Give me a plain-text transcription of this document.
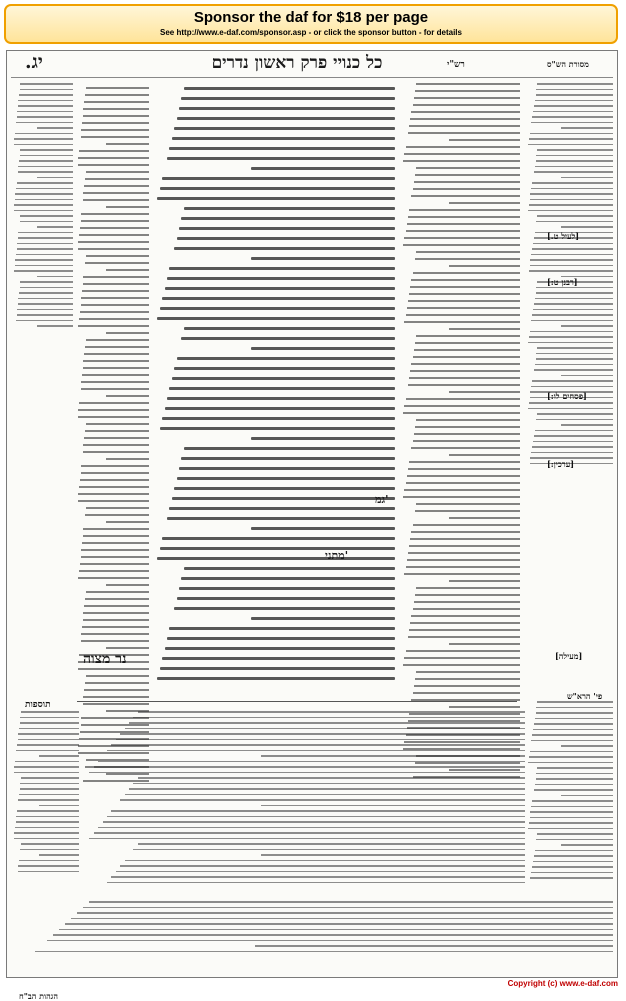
Sponsor the daf for $18 per page
See http://www.e-daf.com/sponsor.asp - or click the sponsor button - for details
כל כנויי פרק ראשון נדרים
יג.	רש"י	מסורת הש"ס
[לעיל ט.]
[רבנן ט:]
[פסחים לו:]
[ערכין:]
[מעילה]
גמ'
מתני'
נר מצוה
תוספות
פי' הרא"ש
הגהות הב"ח
Copyright (c) www.e-daf.com
